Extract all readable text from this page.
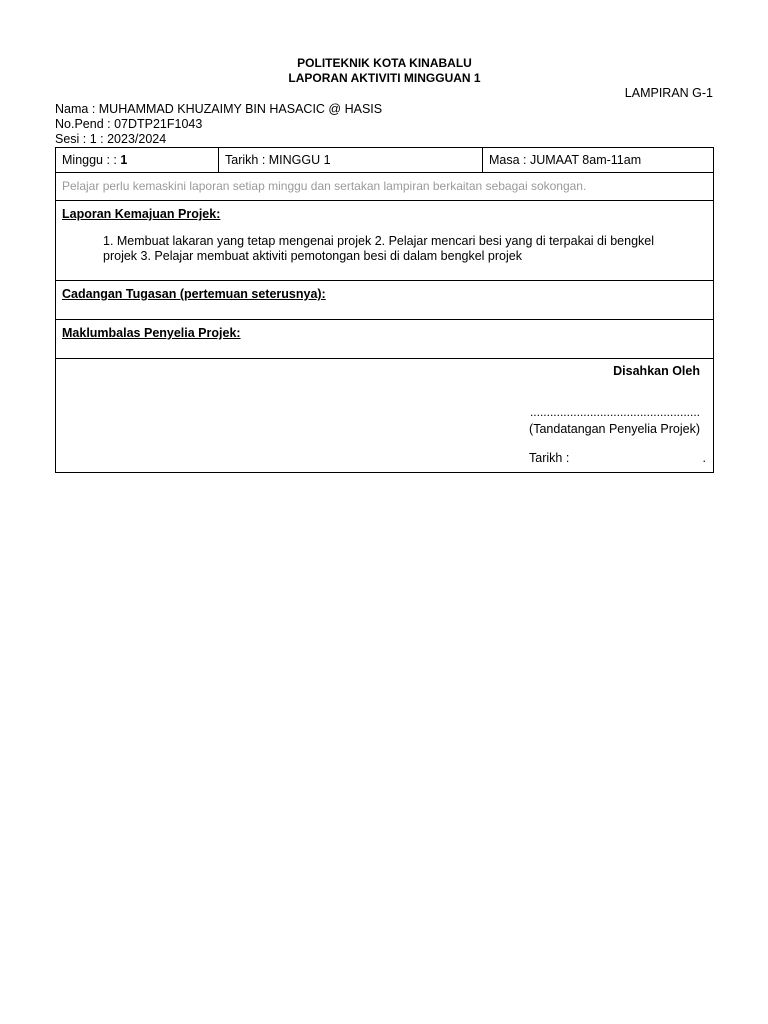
POLITEKNIK KOTA KINABALU
LAPORAN AKTIVITI MINGGUAN 1
LAMPIRAN G-1
Nama : MUHAMMAD KHUZAIMY BIN HASACIC @ HASIS
No.Pend : 07DTP21F1043
Sesi : 1 : 2023/2024
Minggu : : 1	Tarikh : MINGGU 1	Masa : JUMAAT 8am-11am
Pelajar perlu kemaskini laporan setiap minggu dan sertakan lampiran berkaitan sebagai sokongan.

Laporan Kemajuan Projek:
1. Membuat lakaran yang tetap mengenai projek 2. Pelajar mencari besi yang di terpakai di bengkel projek 3. Pelajar membuat aktiviti pemotongan besi di dalam bengkel projek

Cadangan Tugasan (pertemuan seterusnya):

Maklumbalas Penyelia Projek:

Disahkan Oleh
...................................................
(Tandatangan Penyelia Projek)
Tarikh :	.
